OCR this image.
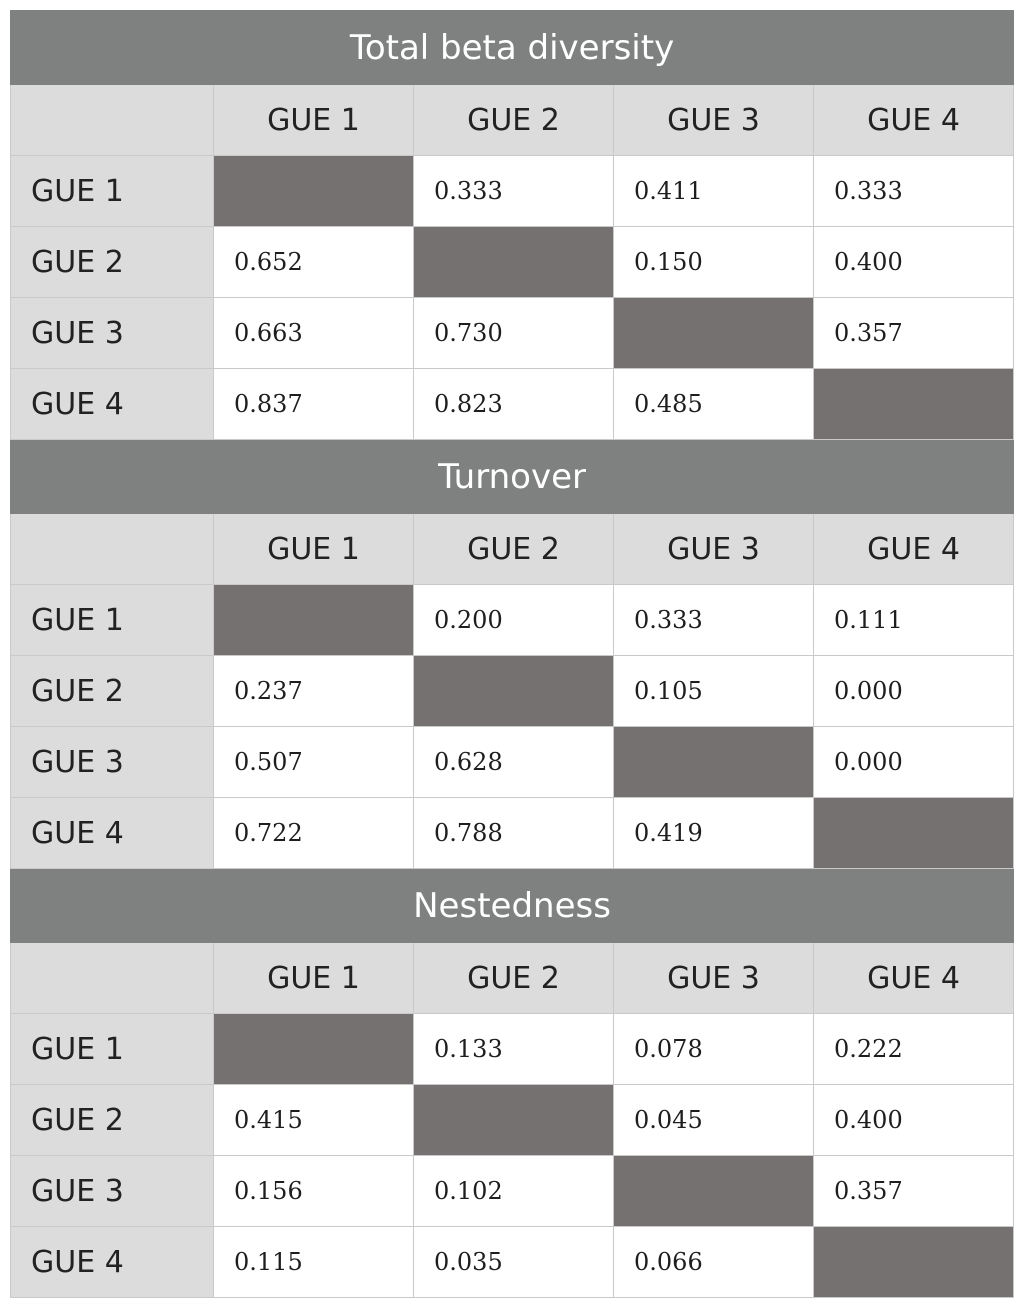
Total beta diversity				
	GUE 1	GUE 2	GUE 3	GUE 4
GUE 1		0.333	0.411	0.333
GUE 2	0.652		0.150	0.400
GUE 3	0.663	0.730		0.357
GUE 4	0.837	0.823	0.485	
Turnover				
	GUE 1	GUE 2	GUE 3	GUE 4
GUE 1		0.200	0.333	0.111
GUE 2	0.237		0.105	0.000
GUE 3	0.507	0.628		0.000
GUE 4	0.722	0.788	0.419	
Nestedness				
	GUE 1	GUE 2	GUE 3	GUE 4
GUE 1		0.133	0.078	0.222
GUE 2	0.415		0.045	0.400
GUE 3	0.156	0.102		0.357
GUE 4	0.115	0.035	0.066	
